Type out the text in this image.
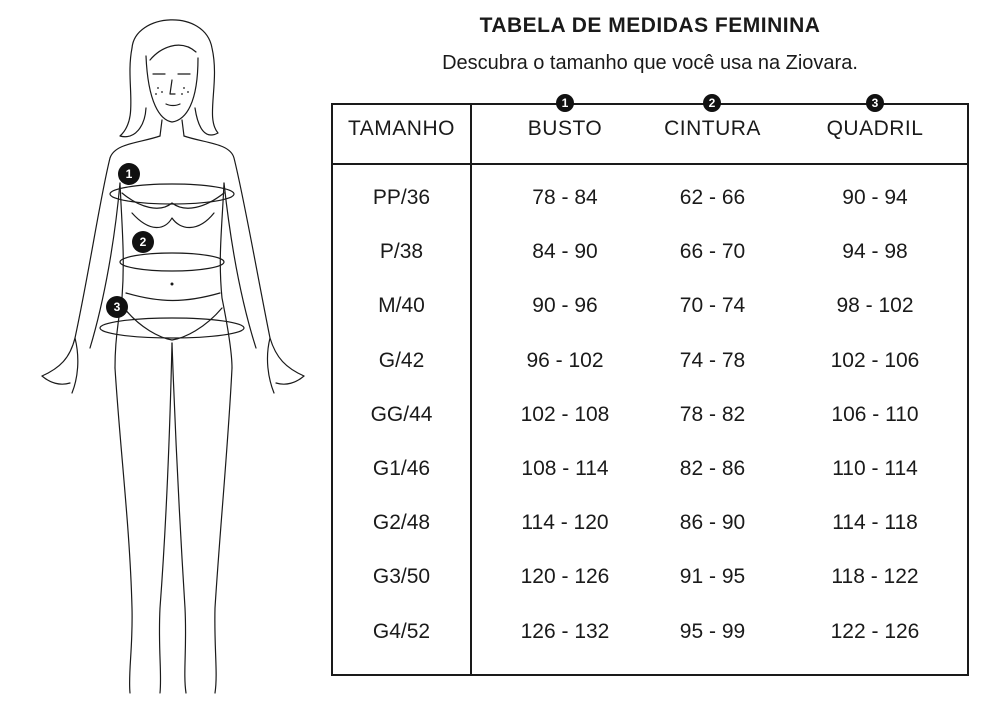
1
2
3
TABELA DE MEDIDAS FEMININA
Descubra o tamanho que você usa na Ziovara.
1	2	3
TAMANHO	BUSTO	CINTURA	QUADRIL
PP/36	78 - 84	62 - 66	90 - 94
P/38	84 - 90	66 - 70	94 - 98
M/40	90 - 96	70 - 74	98 - 102
G/42	96 - 102	74 - 78	102 - 106
GG/44	102 - 108	78 - 82	106 - 110
G1/46	108 - 114	82 - 86	110 - 114
G2/48	114 - 120	86 - 90	114 - 118
G3/50	120 - 126	91 - 95	118 - 122
G4/52	126 - 132	95 - 99	122 - 126
